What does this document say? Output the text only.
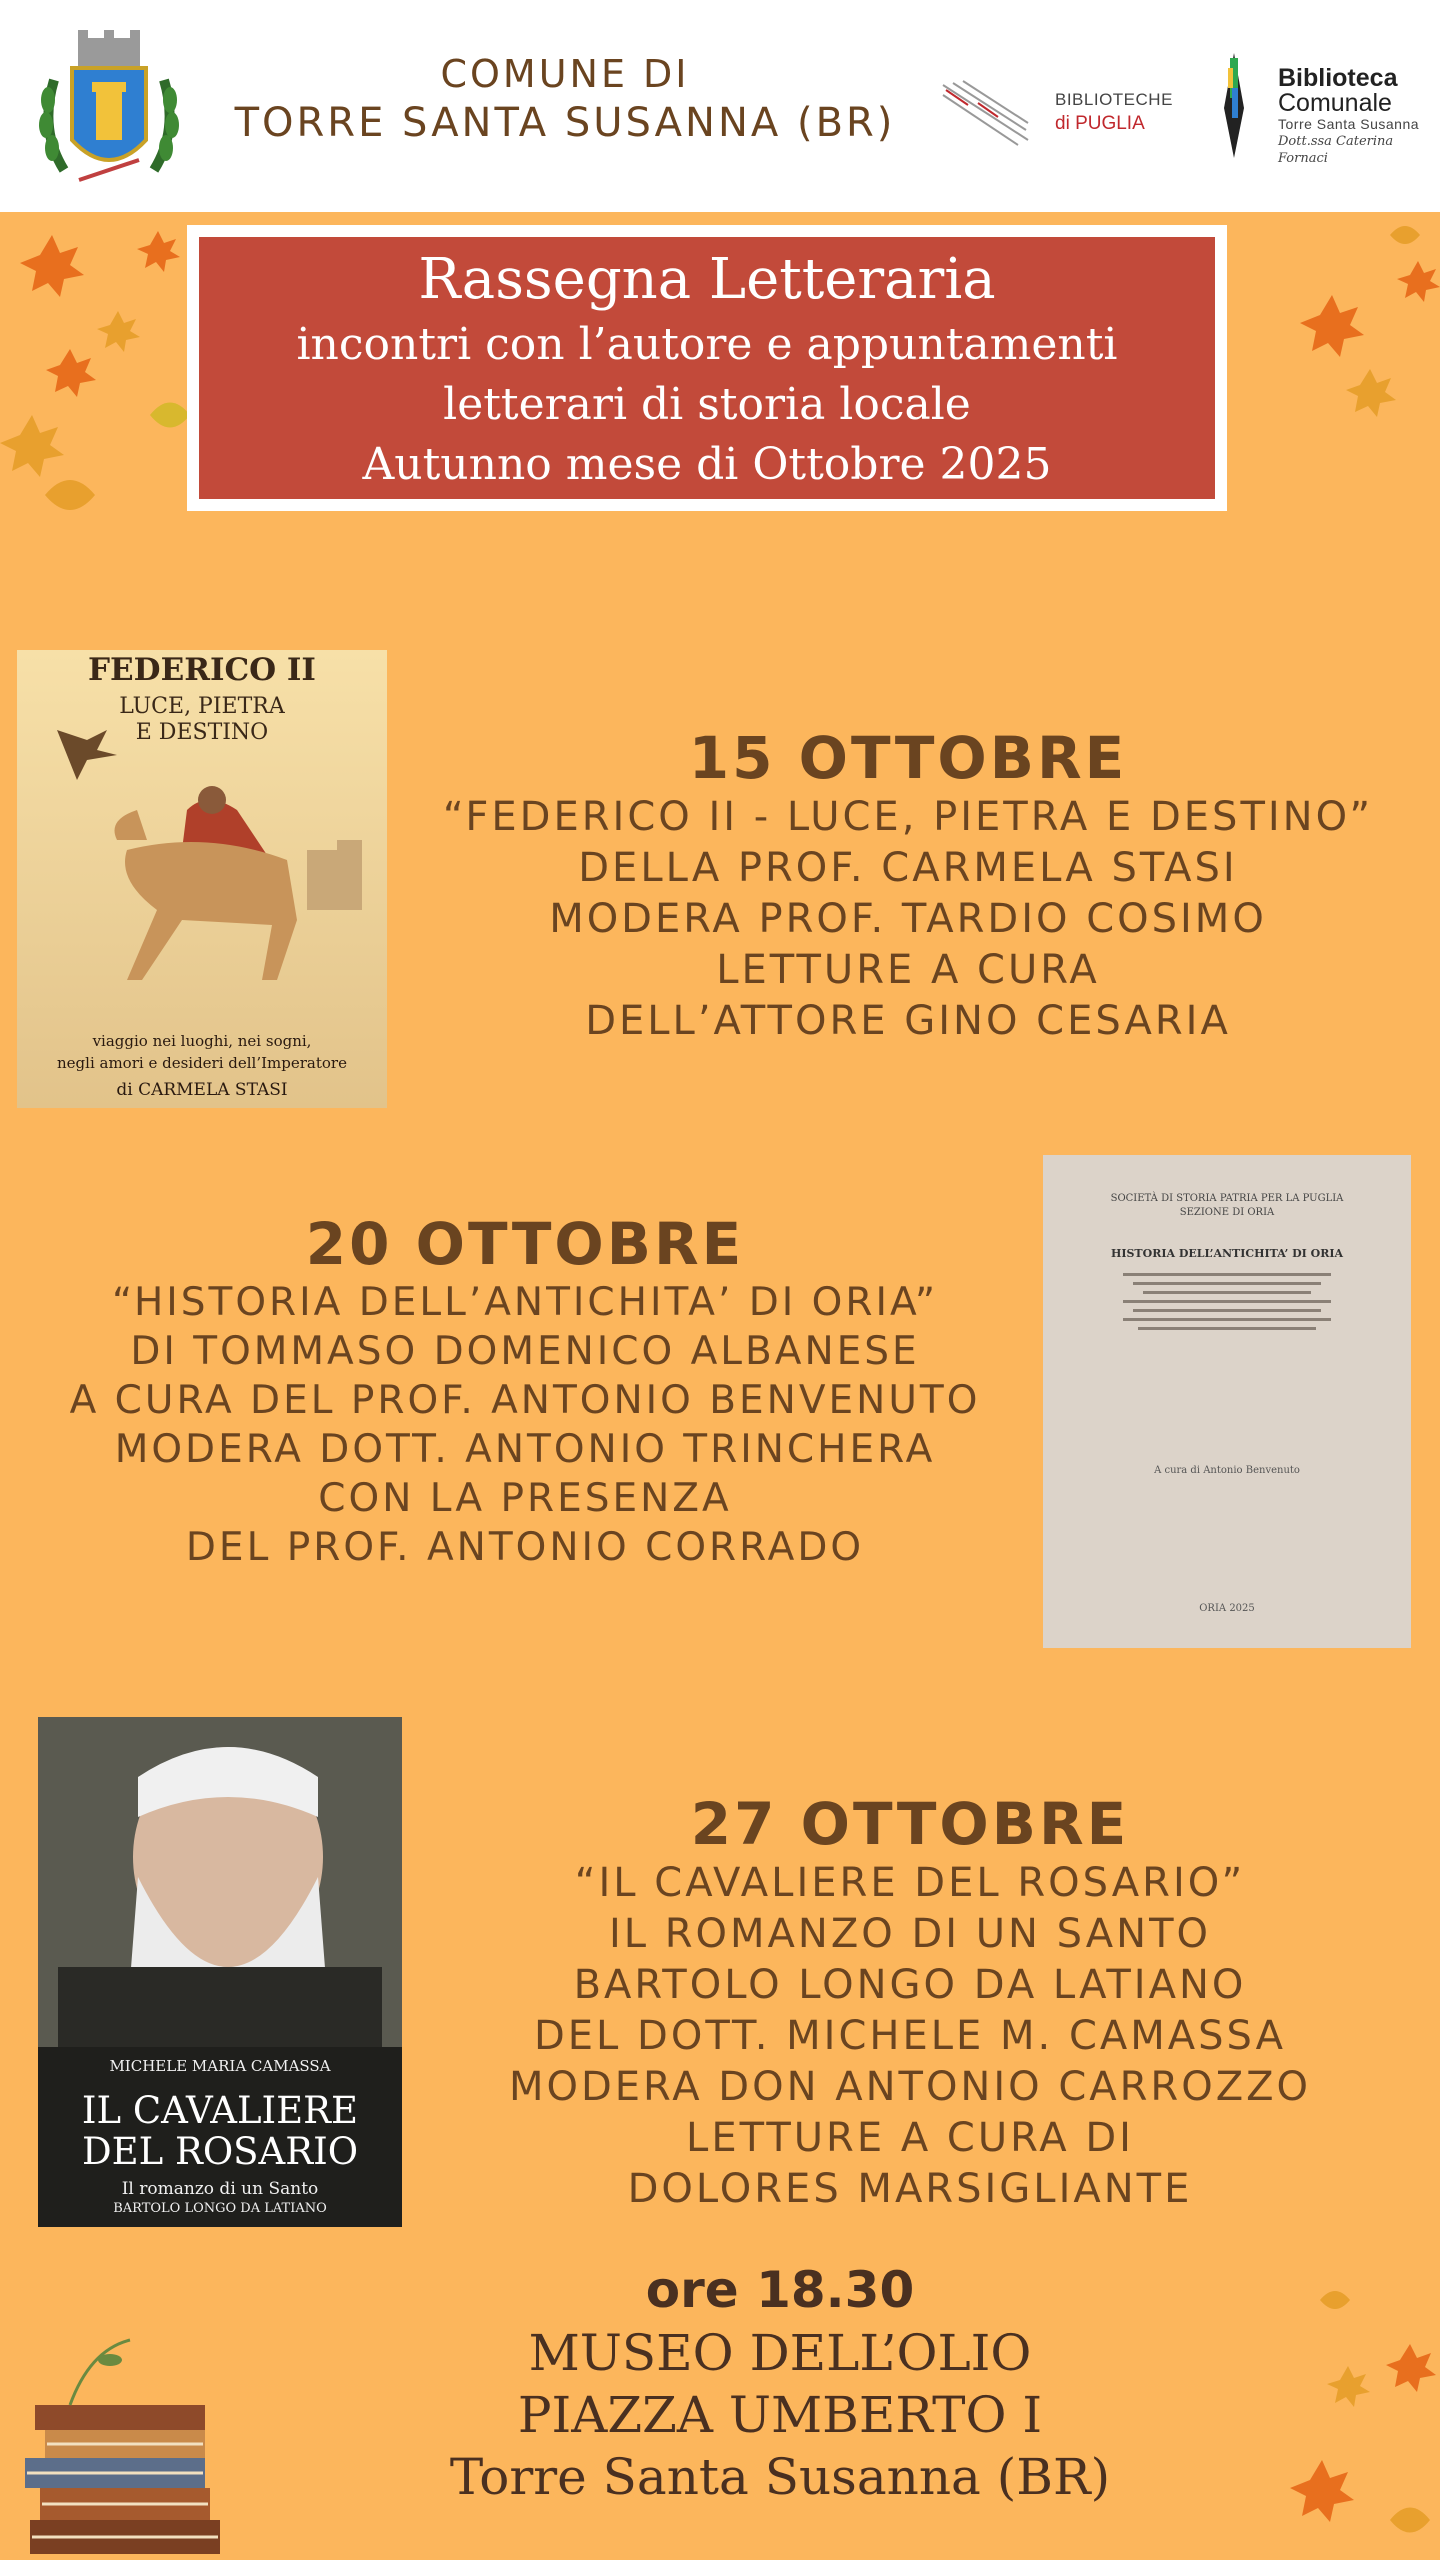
COMUNE DI
TORRE SANTA SUSANNA (BR)
BIBLIOTECHE
di PUGLIA
Biblioteca
Comunale
Torre Santa Susanna
Dott.ssa Caterina Fornaci
Rassegna Letteraria
incontri con l’autore e appuntamenti
letterari di storia locale
Autunno mese di Ottobre 2025
FEDERICO II
LUCE, PIETRA
E DESTINO
viaggio nei luoghi, nei sogni,
negli amori e desideri dell’Imperatore
di CARMELA STASI
15 OTTOBRE
“FEDERICO II - LUCE, PIETRA E DESTINO”
DELLA PROF. CARMELA STASI
MODERA PROF. TARDIO COSIMO
LETTURE A CURA
DELL’ATTORE GINO CESARIA
20 OTTOBRE
“HISTORIA DELL’ANTICHITA’ DI ORIA”
DI TOMMASO DOMENICO ALBANESE
A CURA DEL PROF. ANTONIO BENVENUTO
MODERA DOTT. ANTONIO TRINCHERA
CON LA PRESENZA
DEL PROF. ANTONIO CORRADO
SOCIETÀ DI STORIA PATRIA PER LA PUGLIA
SEZIONE DI ORIA
HISTORIA DELL’ANTICHITA’ DI ORIA
A cura di Antonio Benvenuto
ORIA 2025
MICHELE MARIA CAMASSA
IL CAVALIERE
DEL ROSARIO
Il romanzo di un Santo
BARTOLO LONGO DA LATIANO
27 OTTOBRE
“IL CAVALIERE DEL ROSARIO”
IL ROMANZO DI UN SANTO
BARTOLO LONGO DA LATIANO
DEL DOTT. MICHELE M. CAMASSA
MODERA DON ANTONIO CARROZZO
LETTURE A CURA DI
DOLORES MARSIGLIANTE
ore 18.30
MUSEO DELL’OLIO
PIAZZA UMBERTO I
Torre Santa Susanna (BR)
